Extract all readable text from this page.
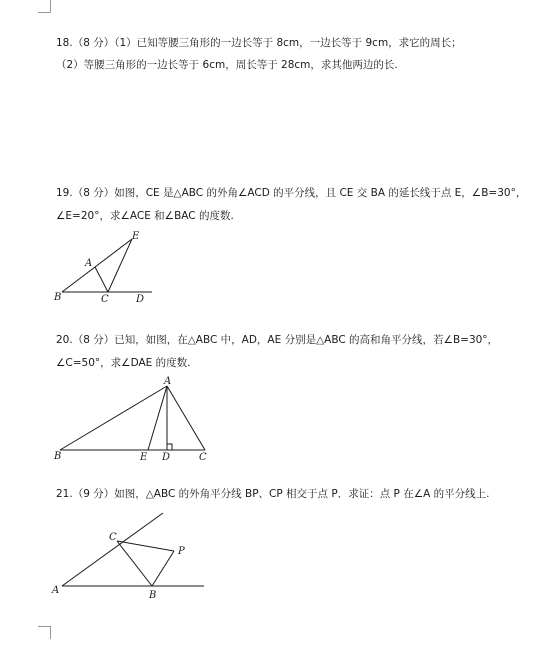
18.（8 分）（1）已知等腰三角形的一边长等于 8cm，一边长等于 9cm，求它的周长；
（2）等腰三角形的一边长等于 6cm，周长等于 28cm，求其他两边的长.
19.（8 分）如图，CE 是△ABC 的外角∠ACD 的平分线，且 CE 交 BA 的延长线于点 E，∠B=30°，
∠E=20°，求∠ACE 和∠BAC 的度数.
E
A
B	C	D
20.（8 分）已知，如图，在△ABC 中，AD，AE 分别是△ABC 的高和角平分线，若∠B=30°，
∠C=50°，求∠DAE 的度数.
A
B	E D	C
21.（9 分）如图，△ABC 的外角平分线 BP、CP 相交于点 P．求证：点 P 在∠A 的平分线上.
C
P
A	B
